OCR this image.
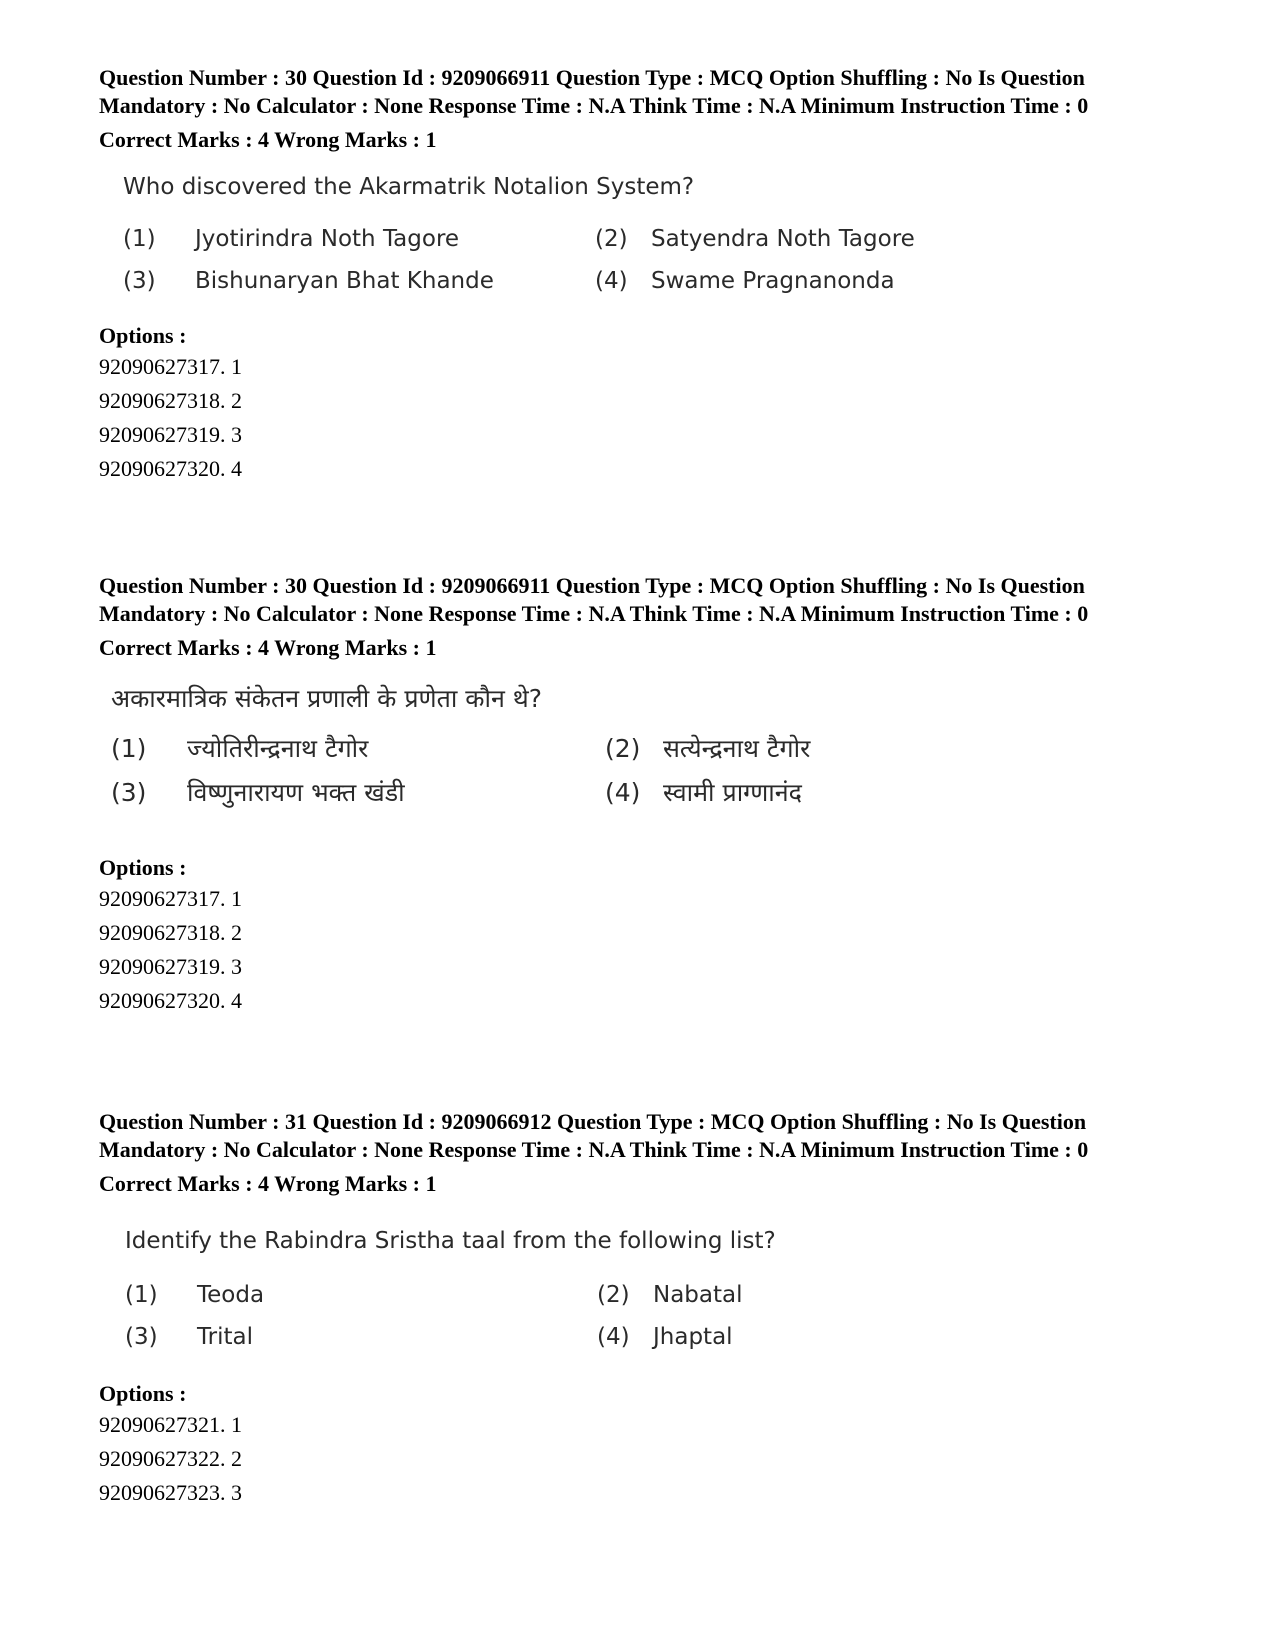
Question Number : 30 Question Id : 9209066911 Question Type : MCQ Option Shuffling : No Is Question Mandatory : No Calculator : None Response Time : N.A Think Time : N.A Minimum Instruction Time : 0

Correct Marks : 4 Wrong Marks : 1

Who discovered the Akarmatrik Notalion System?

(1)	Jyotirindra Noth Tagore	(2)	Satyendra Noth Tagore
(3)	Bishunaryan Bhat Khande	(4)	Swame Pragnanonda

Options :

92090627317. 1

92090627318. 2

92090627319. 3

92090627320. 4

Question Number : 30 Question Id : 9209066911 Question Type : MCQ Option Shuffling : No Is Question Mandatory : No Calculator : None Response Time : N.A Think Time : N.A Minimum Instruction Time : 0

Correct Marks : 4 Wrong Marks : 1

अकारमात्रिक संकेतन प्रणाली के प्रणेता कौन थे?

(1)	ज्योतिरीन्द्रनाथ टैगोर	(2) सत्येन्द्रनाथ टैगोर
(3)	विष्णुनारायण भक्त खंडी	(4) स्वामी प्राग्णानंद

Options :

92090627317. 1

92090627318. 2

92090627319. 3

92090627320. 4

Question Number : 31 Question Id : 9209066912 Question Type : MCQ Option Shuffling : No Is Question Mandatory : No Calculator : None Response Time : N.A Think Time : N.A Minimum Instruction Time : 0

Correct Marks : 4 Wrong Marks : 1

Identify the Rabindra Sristha taal from the following list?

(1)	Teoda	(2)	Nabatal
(3)	Trital	(4)	Jhaptal

Options :

92090627321. 1

92090627322. 2

92090627323. 3
